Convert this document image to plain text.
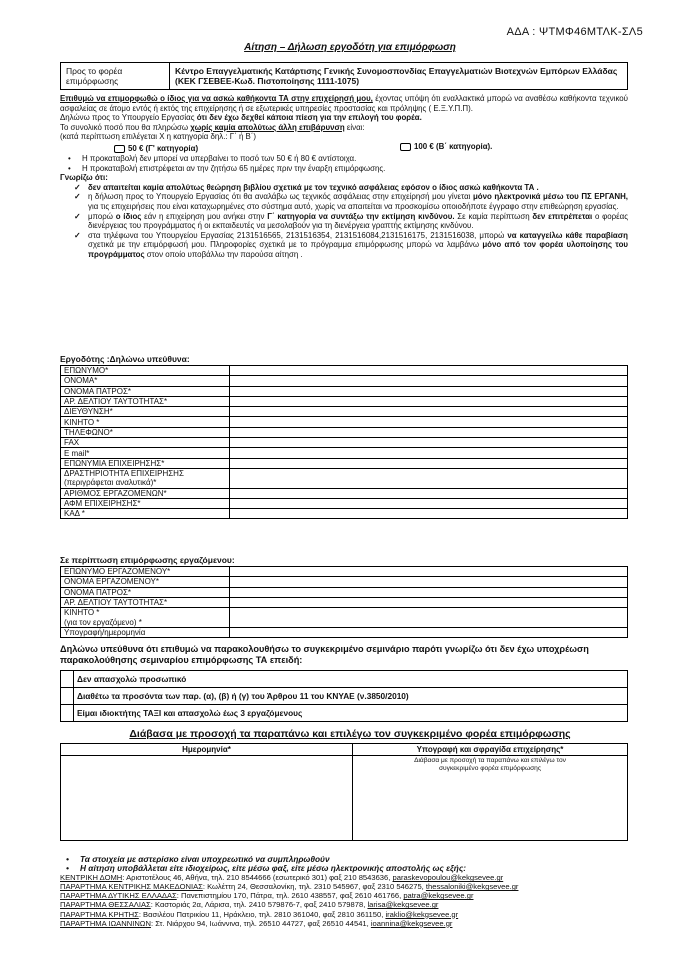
ΑΔΑ : ΨΤΜΦ46ΜΤΛΚ-ΣΛ5
Αίτηση – Δήλωση εργοδότη για επιμόρφωση
Προς το φορέα επιμόρφωσης	Κέντρο Επαγγελματικής Κατάρτισης Γενικής Συνομοσπονδίας Επαγγελματιών Βιοτεχνών Εμπόρων Ελλάδας (ΚΕΚ ΓΣΕΒΕΕ-Κωδ. Πιστοποίησης 1111-1075)
Επιθυμώ να επιμορφωθώ ο ίδιος για να ασκώ καθήκοντα ΤΑ στην επιχείρησή μου, έχοντας υπόψη ότι εναλλακτικά μπορώ να αναθέσω καθήκοντα τεχνικού ασφαλείας σε άτομο εντός ή εκτός της επιχείρησης ή σε εξωτερικές υπηρεσίες προστασίας και πρόληψης ( Ε.Ξ.Υ.Π.Π).
Δηλώνω προς το Υπουργείο Εργασίας ότι δεν έχω δεχθεί κάποια πίεση για την επιλογή του φορέα.
Το συνολικό ποσό που θα πληρώσω χωρίς καμία απολύτως άλλη επιβάρυνση είναι:
(κατά περίπτωση επιλέγεται Χ η κατηγορία δηλ.: Γ΄ ή Β΄)
50 € (Γ' κατηγορία)	100 € (Β΄ κατηγορία).
• Η προκαταβολή δεν μπορεί να υπερβαίνει το ποσό των 50 € ή 80 € αντίστοιχα.
• Η προκαταβολή επιστρέφεται αν την ζητήσω 65 ημέρες πριν την έναρξη επιμόρφωσης.
Γνωρίζω ότι:
✓ δεν απαιτείται καμία απολύτως θεώρηση βιβλίου σχετικά με τον τεχνικό ασφάλειας εφόσον ο ίδιος ασκώ καθήκοντα ΤΑ .
✓ η δήλωση προς το Υπουργείο Εργασίας ότι θα αναλάβω ως τεχνικός ασφάλειας στην επιχείρησή μου γίνεται μόνο ηλεκτρονικά μέσω του ΠΣ ΕΡΓΑΝΗ, για τις επιχειρήσεις που είναι καταχωρημένες στο σύστημα αυτό, χωρίς να απαιτείται να προσκομίσω οποιοδήποτε έγγραφο στην επιθεώρηση εργασίας.
✓ μπορώ ο ίδιος εάν η επιχείρηση μου ανήκει στην Γ΄ κατηγορία να συντάξω την εκτίμηση κινδύνου. Σε καμία περίπτωση δεν επιτρέπεται ο φορέας διενέργειας του προγράμματος ή οι εκπαιδευτές να μεσολαβούν για τη διενέργεια γραπτής εκτίμησης κινδύνου.
✓ στα τηλέφωνα του Υπουργείου Εργασίας 2131516565, 2131516354, 2131516084,2131516175, 2131516038, μπορώ να καταγγείλω κάθε παραβίαση σχετικά με την επιμόρφωσή μου. Πληροφορίες σχετικά με το πρόγραμμα επιμόρφωσης μπορώ να λαμβάνω μόνο από τον φορέα υλοποίησης του προγράμματος στον οποίο υποβάλλω την παρούσα αίτηση .
Εργοδότης :Δηλώνω υπεύθυνα:
ΕΠΩΝΥΜΟ*	
ΟΝΟΜΑ*	
ΟΝΟΜΑ ΠΑΤΡΟΣ*	
ΑΡ. ΔΕΛΤΙΟΥ ΤΑΥΤΟΤΗΤΑΣ*	
ΔΙΕΥΘΥΝΣΗ*	
ΚΙΝΗΤΟ *	
ΤΗΛΕΦΩΝΟ*	
FAX	
E mail*	
ΕΠΩΝΥΜΙΑ ΕΠΙΧΕΙΡΗΣΗΣ*	
ΔΡΑΣΤΗΡΙΟΤΗΤΑ ΕΠΙΧΕΙΡΗΣΗΣ	
(περιγράφεται αναλυτικά)*	
ΑΡΙΘΜΟΣ ΕΡΓΑΖΟΜΕΝΩΝ*	
ΑΦΜ ΕΠΙΧΕΙΡΗΣΗΣ*	
ΚΑΔ *	
Σε περίπτωση επιμόρφωσης εργαζόμενου:
ΕΠΩΝΥΜΟ ΕΡΓΑΖΟΜΕΝΟΥ*	
ΟΝΟΜΑ ΕΡΓΑΖΟΜΕΝΟΥ*	
ΟΝΟΜΑ ΠΑΤΡΟΣ*	
ΑΡ. ΔΕΛΤΙΟΥ ΤΑΥΤΟΤΗΤΑΣ*	
ΚΙΝΗΤΟ *	
(για τον εργαζόμενο) *	
Υπογραφή/ημερομηνία	
Δηλώνω υπεύθυνα ότι επιθυμώ να παρακολουθήσω το συγκεκριμένο σεμινάριο παρότι γνωρίζω ότι δεν έχω υποχρέωση παρακολούθησης σεμιναρίου επιμόρφωσης ΤΑ επειδή:
	Δεν απασχολώ προσωπικό
	Διαθέτω τα προσόντα των παρ. (α), (β) ή (γ) του Άρθρου 11 του ΚΝΥΑΕ (ν.3850/2010)
	Είμαι ιδιοκτήτης ΤΑΞΙ και απασχολώ έως 3 εργαζόμενους
Διάβασα με προσοχή τα παραπάνω και επιλέγω τον συγκεκριμένο φορέα επιμόρφωσης
Ημερομηνία*	Υπογραφή και σφραγίδα επιχείρησης*

	Διάβασα με προσοχή τα παραπάνω και επιλέγω τον συγκεκριμένο φορέα επιμόρφωσης
• Τα στοιχεία με αστερίσκο είναι υποχρεωτικό να συμπληρωθούν
• Η αίτηση υποβάλλεται είτε ιδιοχείρως, είτε μέσω φαξ, είτε μέσω ηλεκτρονικής αποστολής ως εξής:
ΚΕΝΤΡΙΚΗ ΔΟΜΗ: Αριστοτέλους 46, Αθήνα, τηλ. 210 8544666 (εσωτερικό 301) φαξ 210 8543636, paraskevopoulou@kekgsevee.gr
ΠΑΡΑΡΤΗΜΑ ΚΕΝΤΡΙΚΗΣ ΜΑΚΕΔΟΝΙΑΣ: Κωλέττη 24, Θεσσαλονίκη, τηλ. 2310 545967, φαξ 2310 546275, thessaloniki@kekgsevee.gr
ΠΑΡΑΡΤΗΜΑ ΔΥΤΙΚΗΣ ΕΛΛΑΔΑΣ: Πανεπιστημίου 170, Πάτρα, τηλ. 2610 438557, φαξ 2610 461766, patra@kekgsevee.gr
ΠΑΡΑΡΤΗΜΑ ΘΕΣΣΑΛΙΑΣ: Καστοριάς 2α, Λάρισα, τηλ. 2410 579876-7, φαξ 2410 579878, larisa@kekgsevee.gr
ΠΑΡΑΡΤΗΜΑ ΚΡΗΤΗΣ: Βασιλέου Πατρικίου 11, Ηράκλειο, τηλ. 2810 361040, φαξ 2810 361150, iraklio@kekgsevee.gr
ΠΑΡΑΡΤΗΜΑ ΙΩΑΝΝΙΝΩΝ: Στ. Νιάρχου 94, Ιωάννινα, τηλ. 26510 44727, φαξ 26510 44541, ioannina@kekgsevee.gr
